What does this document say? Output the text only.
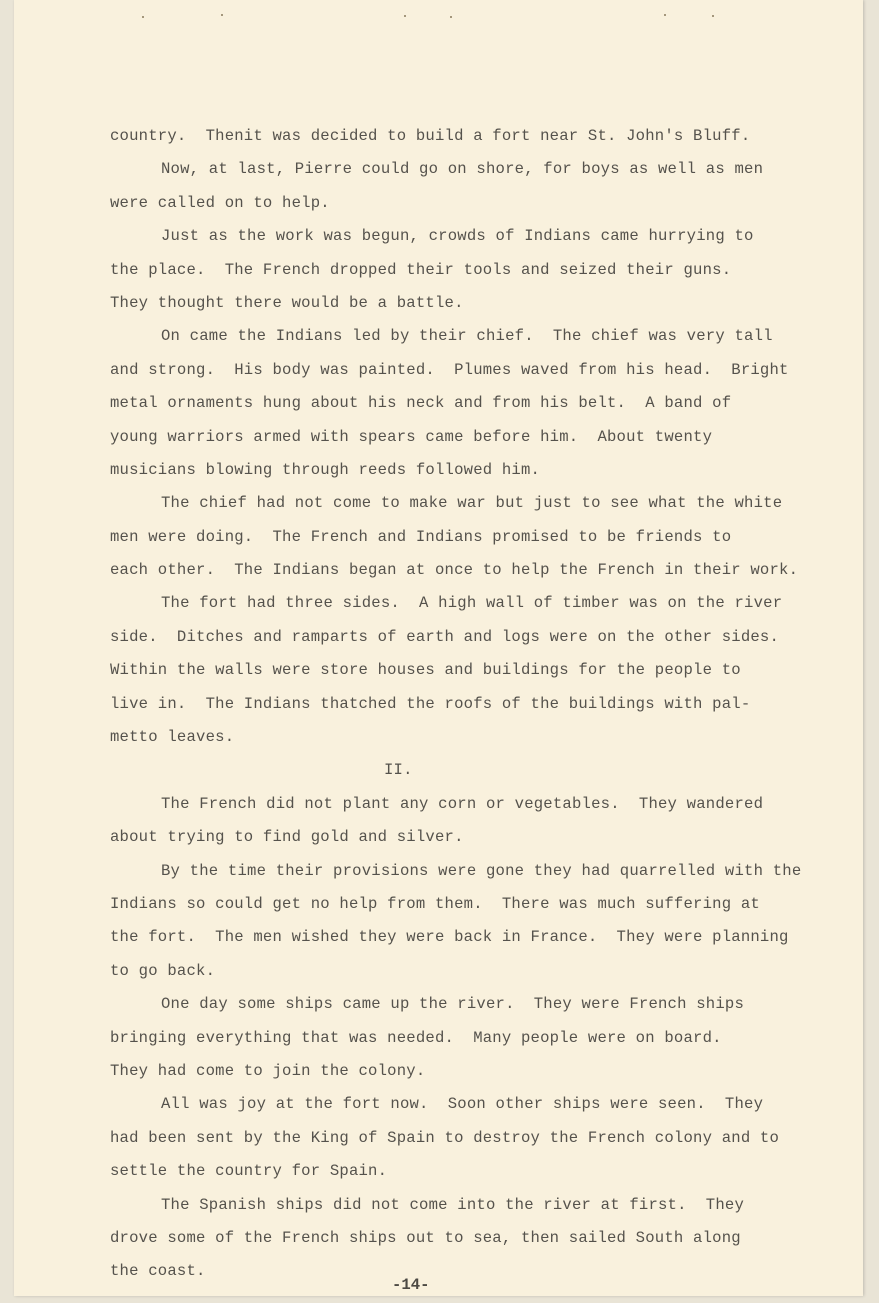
country.  Thenit was decided to build a fort near St. John's Bluff.
Now, at last, Pierre could go on shore, for boys as well as men
were called on to help.
Just as the work was begun, crowds of Indians came hurrying to
the place.  The French dropped their tools and seized their guns.
They thought there would be a battle.
On came the Indians led by their chief.  The chief was very tall
and strong.  His body was painted.  Plumes waved from his head.  Bright
metal ornaments hung about his neck and from his belt.  A band of
young warriors armed with spears came before him.  About twenty
musicians blowing through reeds followed him.
The chief had not come to make war but just to see what the white
men were doing.  The French and Indians promised to be friends to
each other.  The Indians began at once to help the French in their work.
The fort had three sides.  A high wall of timber was on the river
side.  Ditches and ramparts of earth and logs were on the other sides.
Within the walls were store houses and buildings for the people to
live in.  The Indians thatched the roofs of the buildings with pal-
metto leaves.
II.
The French did not plant any corn or vegetables.  They wandered
about trying to find gold and silver.
By the time their provisions were gone they had quarrelled with the
Indians so could get no help from them.  There was much suffering at
the fort.  The men wished they were back in France.  They were planning
to go back.
One day some ships came up the river.  They were French ships
bringing everything that was needed.  Many people were on board.
They had come to join the colony.
All was joy at the fort now.  Soon other ships were seen.  They
had been sent by the King of Spain to destroy the French colony and to
settle the country for Spain.
The Spanish ships did not come into the river at first.  They
drove some of the French ships out to sea, then sailed South along
the coast.
-14-
